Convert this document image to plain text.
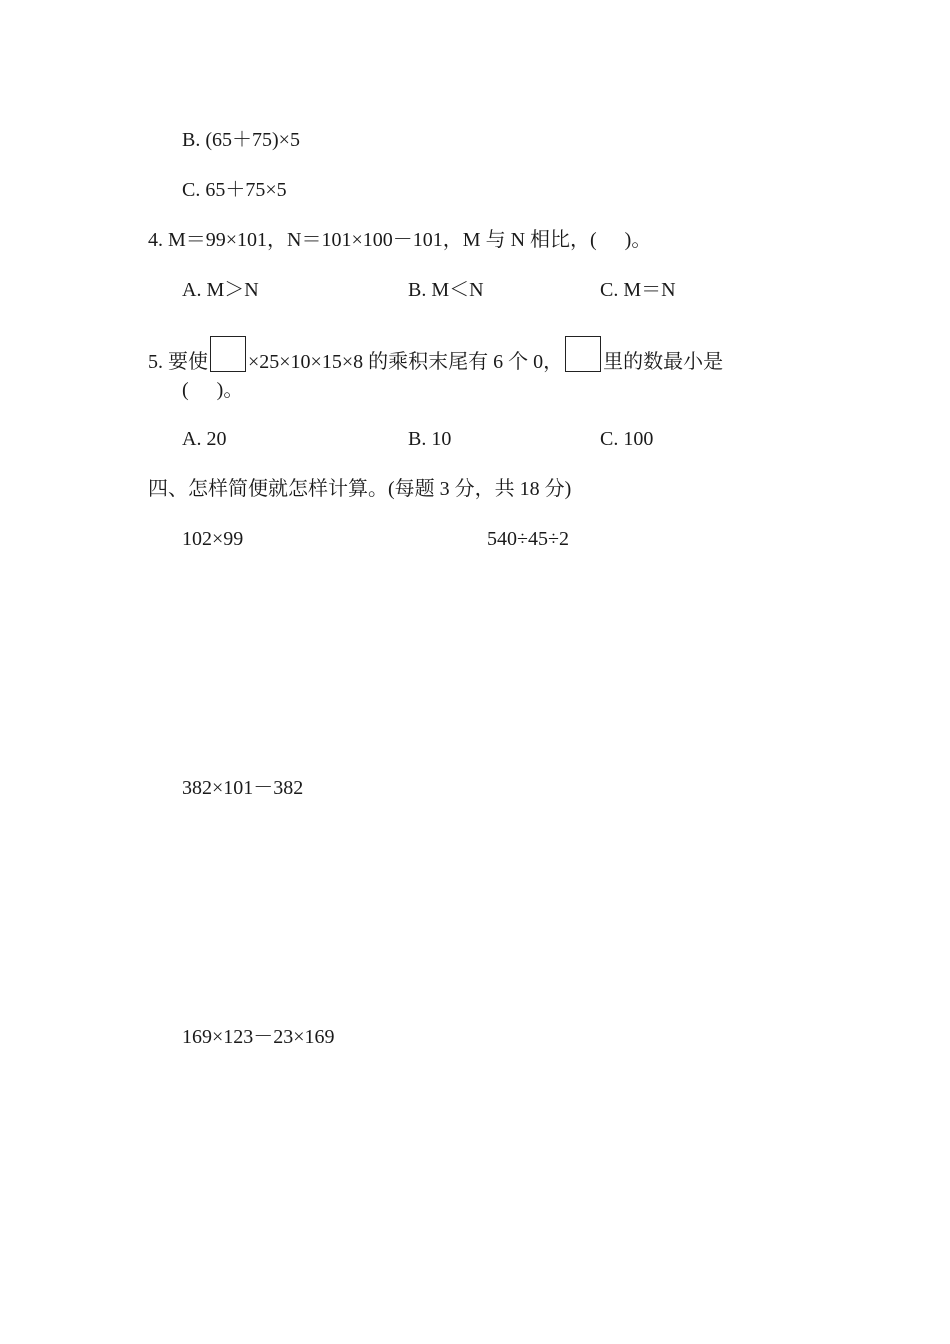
B. (65＋75)×5
C. 65＋75×5
4. M＝99×101，N＝101×100－101，M 与 N 相比，( )。
A. M＞N	B. M＜N	C. M＝N
5. 要使 ×25×10×15×8 的乘积末尾有 6 个 0， 里的数最小是
( )。
A. 20	B. 10	C. 100
四、怎样简便就怎样计算。(每题 3 分，共 18 分)
102×99	540÷45÷2
382×101－382
169×123－23×169
